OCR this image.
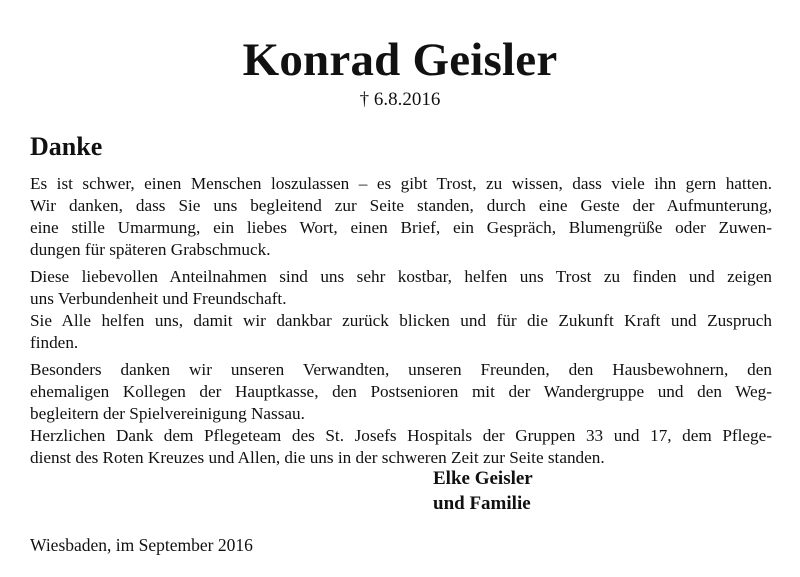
Konrad Geisler
† 6.8.2016
Danke

Es ist schwer, einen Menschen loszulassen – es gibt Trost, zu wissen, dass viele ihn gern hatten.
Wir danken, dass Sie uns begleitend zur Seite standen, durch eine Geste der Aufmunterung,
eine stille Umarmung, ein liebes Wort, einen Brief, ein Gespräch, Blumengrüße oder Zuwen-
dungen für späteren Grabschmuck.

Diese liebevollen Anteilnahmen sind uns sehr kostbar, helfen uns Trost zu finden und zeigen
uns Verbundenheit und Freundschaft.
Sie Alle helfen uns, damit wir dankbar zurück blicken und für die Zukunft Kraft und Zuspruch
finden.

Besonders danken wir unseren Verwandten, unseren Freunden, den Hausbewohnern, den
ehemaligen Kollegen der Hauptkasse, den Postsenioren mit der Wandergruppe und den Weg-
begleitern der Spielvereinigung Nassau.
Herzlichen Dank dem Pflegeteam des St. Josefs Hospitals der Gruppen 33 und 17, dem Pflege-
dienst des Roten Kreuzes und Allen, die uns in der schweren Zeit zur Seite standen.

Elke Geisler
und Familie
Wiesbaden, im September 2016
